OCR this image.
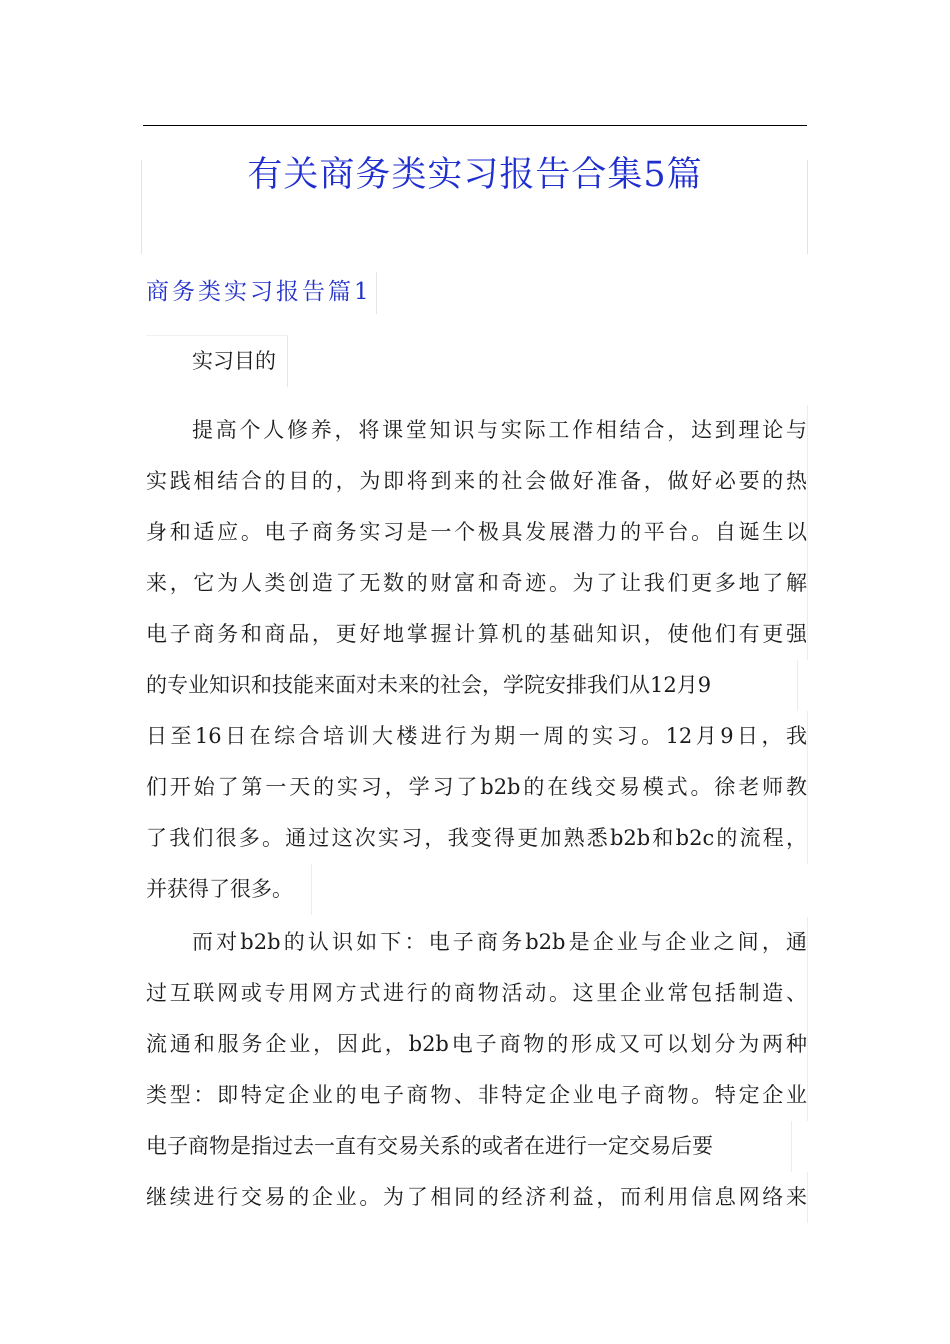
有关商务类实习报告合集5篇
商务类实习报告篇1
实习目的
提高个人修养，将课堂知识与实际工作相结合，达到理论与
实践相结合的目的，为即将到来的社会做好准备，做好必要的热
身和适应。电子商务实习是一个极具发展潜力的平台。自诞生以
来，它为人类创造了无数的财富和奇迹。为了让我们更多地了解
电子商务和商品，更好地掌握计算机的基础知识，使他们有更强
的专业知识和技能来面对未来的社会，学院安排我们从12月9
日至16日在综合培训大楼进行为期一周的实习。12月9日，我
们开始了第一天的实习，学习了b2b的在线交易模式。徐老师教
了我们很多。通过这次实习，我变得更加熟悉b2b和b2c的流程，
并获得了很多。
而对b2b的认识如下：电子商务b2b是企业与企业之间，通
过互联网或专用网方式进行的商物活动。这里企业常包括制造、
流通和服务企业，因此，b2b电子商物的形成又可以划分为两种
类型：即特定企业的电子商物、非特定企业电子商物。特定企业
电子商物是指过去一直有交易关系的或者在进行一定交易后要
继续进行交易的企业。为了相同的经济利益，而利用信息网络来
